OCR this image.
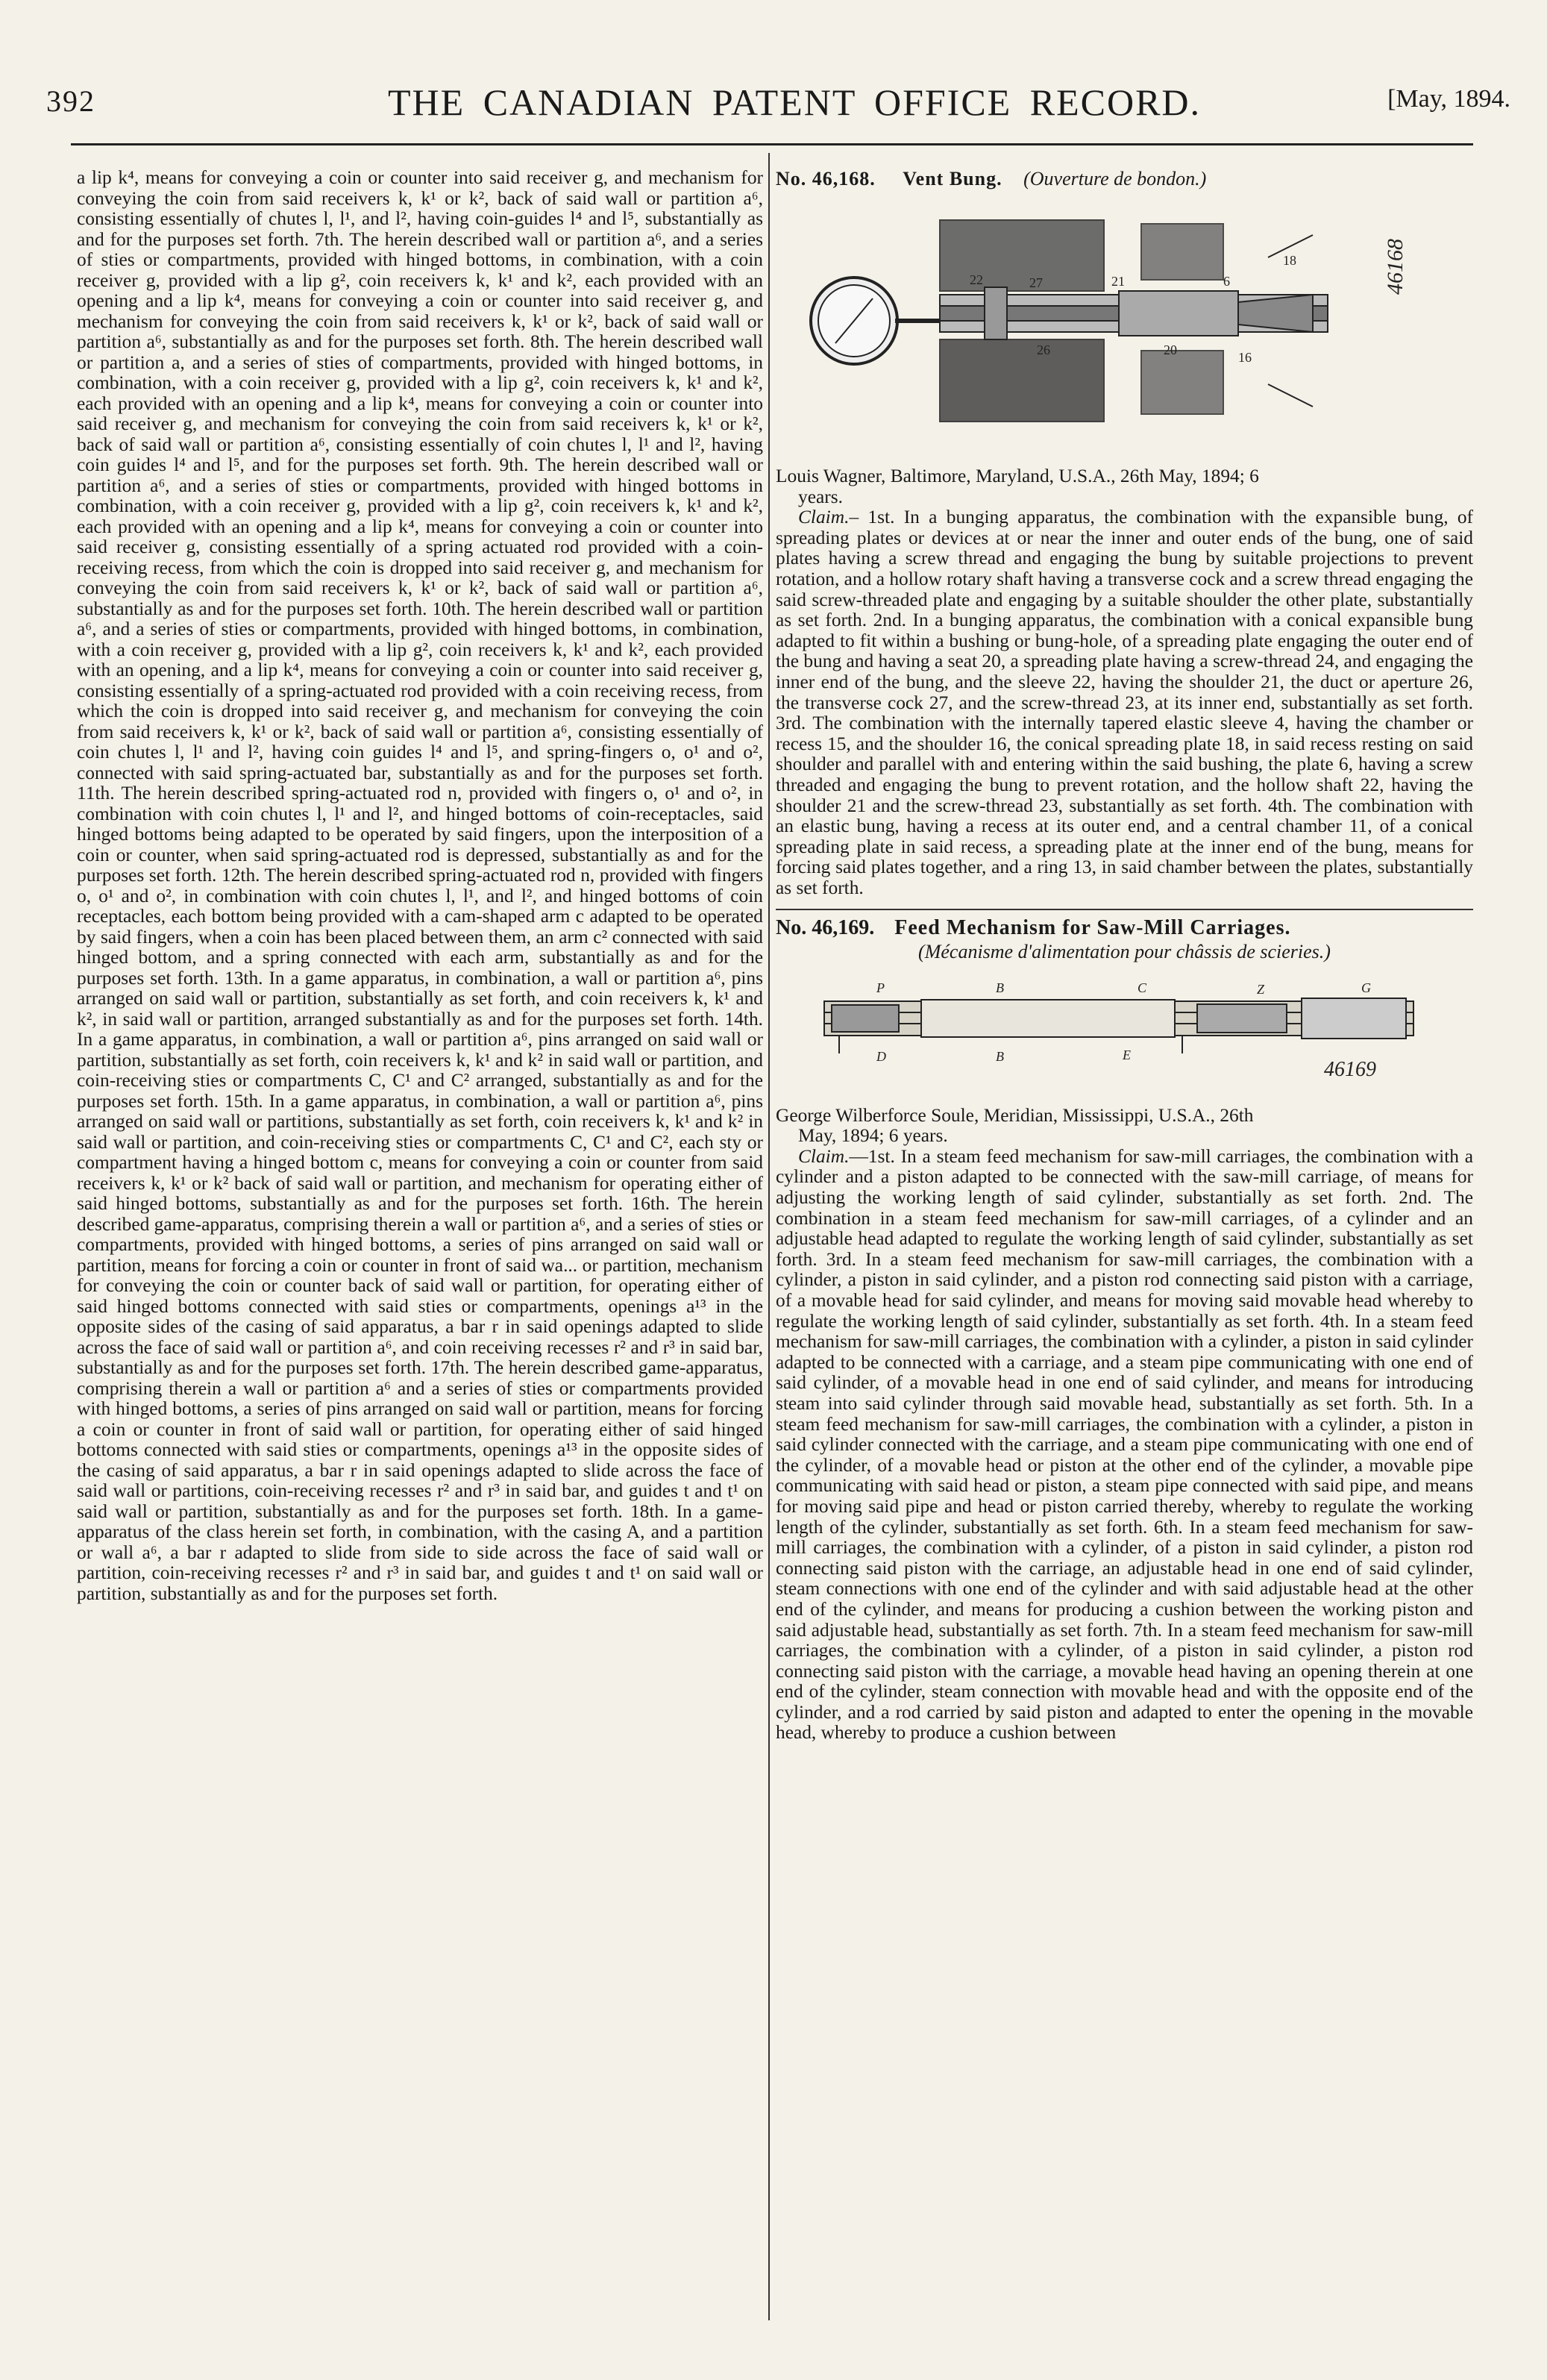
392	THE CANADIAN PATENT OFFICE RECORD.	[May, 1894.
a lip k⁴, means for conveying a coin or counter into said receiver g, and mechanism for conveying the coin from said receivers k, k¹ or k², back of said wall or partition a⁶, consisting essentially of chutes l, l¹, and l², having coin-guides l⁴ and l⁵, substantially as and for the purposes set forth. 7th. The herein described wall or partition a⁶, and a series of sties or compartments, provided with hinged bottoms, in combination, with a coin receiver g, provided with a lip g², coin receivers k, k¹ and k², each provided with an opening and a lip k⁴, means for conveying a coin or counter into said receiver g, and mechanism for conveying the coin from said receivers k, k¹ or k², back of said wall or partition a⁶, substantially as and for the purposes set forth. 8th. The herein described wall or partition a, and a series of sties of compartments, provided with hinged bottoms, in combination, with a coin receiver g, provided with a lip g², coin receivers k, k¹ and k², each provided with an opening and a lip k⁴, means for conveying a coin or counter into said receiver g, and mechanism for conveying the coin from said receivers k, k¹ or k², back of said wall or partition a⁶, consisting essentially of coin chutes l, l¹ and l², having coin guides l⁴ and l⁵, and for the purposes set forth. 9th. The herein described wall or partition a⁶, and a series of sties or compartments, provided with hinged bottoms in combination, with a coin receiver g, provided with a lip g², coin receivers k, k¹ and k², each provided with an opening and a lip k⁴, means for conveying a coin or counter into said receiver g, consisting essentially of a spring actuated rod provided with a coin-receiving recess, from which the coin is dropped into said receiver g, and mechanism for conveying the coin from said receivers k, k¹ or k², back of said wall or partition a⁶, substantially as and for the purposes set forth. 10th. The herein described wall or partition a⁶, and a series of sties or compartments, provided with hinged bottoms, in combination, with a coin receiver g, provided with a lip g², coin receivers k, k¹ and k², each provided with an opening, and a lip k⁴, means for conveying a coin or counter into said receiver g, consisting essentially of a spring-actuated rod provided with a coin receiving recess, from which the coin is dropped into said receiver g, and mechanism for conveying the coin from said receivers k, k¹ or k², back of said wall or partition a⁶, consisting essentially of coin chutes l, l¹ and l², having coin guides l⁴ and l⁵, and spring-fingers o, o¹ and o², connected with said spring-actuated bar, substantially as and for the purposes set forth. 11th. The herein described spring-actuated rod n, provided with fingers o, o¹ and o², in combination with coin chutes l, l¹ and l², and hinged bottoms of coin-receptacles, said hinged bottoms being adapted to be operated by said fingers, upon the interposition of a coin or counter, when said spring-actuated rod is depressed, substantially as and for the purposes set forth. 12th. The herein described spring-actuated rod n, provided with fingers o, o¹ and o², in combination with coin chutes l, l¹, and l², and hinged bottoms of coin receptacles, each bottom being provided with a cam-shaped arm c adapted to be operated by said fingers, when a coin has been placed between them, an arm c² connected with said hinged bottom, and a spring connected with each arm, substantially as and for the purposes set forth. 13th. In a game apparatus, in combination, a wall or partition a⁶, pins arranged on said wall or partition, substantially as set forth, and coin receivers k, k¹ and k², in said wall or partition, arranged substantially as and for the purposes set forth. 14th. In a game apparatus, in combination, a wall or partition a⁶, pins arranged on said wall or partition, substantially as set forth, coin receivers k, k¹ and k² in said wall or partition, and coin-receiving sties or compartments C, C¹ and C² arranged, substantially as and for the purposes set forth. 15th. In a game apparatus, in combination, a wall or partition a⁶, pins arranged on said wall or partitions, substantially as set forth, coin receivers k, k¹ and k² in said wall or partition, and coin-receiving sties or compartments C, C¹ and C², each sty or compartment having a hinged bottom c, means for conveying a coin or counter from said receivers k, k¹ or k² back of said wall or partition, and mechanism for operating either of said hinged bottoms, substantially as and for the purposes set forth. 16th. The herein described game-apparatus, comprising therein a wall or partition a⁶, and a series of sties or compartments, provided with hinged bottoms, a series of pins arranged on said wall or partition, means for forcing a coin or counter in front of said wa... or partition, mechanism for conveying the coin or counter back of said wall or partition, for operating either of said hinged bottoms connected with said sties or compartments, openings a¹³ in the opposite sides of the casing of said apparatus, a bar r in said openings adapted to slide across the face of said wall or partition a⁶, and coin receiving recesses r² and r³ in said bar, substantially as and for the purposes set forth. 17th. The herein described game-apparatus, comprising therein a wall or partition a⁶ and a series of sties or compartments provided with hinged bottoms, a series of pins arranged on said wall or partition, means for forcing a coin or counter in front of said wall or partition, for operating either of said hinged bottoms connected with said sties or compartments, openings a¹³ in the opposite sides of the casing of said apparatus, a bar r in said openings adapted to slide across the face of said wall or partitions, coin-receiving recesses r² and r³ in said bar, and guides t and t¹ on said wall or partition, substantially as and for the purposes set forth. 18th. In a game-apparatus of the class herein set forth, in combination, with the casing A, and a partition or wall a⁶, a bar r adapted to slide from side to side across the face of said wall or partition, coin-receiving recesses r² and r³ in said bar, and guides t and t¹ on said wall or partition, substantially as and for the purposes set forth.
No. 46,168. Vent Bung. (Ouverture de bondon.)
22	27	21	6
18
16
26	20
46168
Louis Wagner, Baltimore, Maryland, U.S.A., 26th May, 1894; 6
years.
Claim.– 1st. In a bunging apparatus, the combination with the expansible bung, of spreading plates or devices at or near the inner and outer ends of the bung, one of said plates having a screw thread and engaging the bung by suitable projections to prevent rotation, and a hollow rotary shaft having a transverse cock and a screw thread engaging the said screw-threaded plate and engaging by a suitable shoulder the other plate, substantially as set forth. 2nd. In a bunging apparatus, the combination with a conical expansible bung adapted to fit within a bushing or bung-hole, of a spreading plate engaging the outer end of the bung and having a seat 20, a spreading plate having a screw-thread 24, and engaging the inner end of the bung, and the sleeve 22, having the shoulder 21, the duct or aperture 26, the transverse cock 27, and the screw-thread 23, at its inner end, substantially as set forth. 3rd. The combination with the internally tapered elastic sleeve 4, having the chamber or recess 15, and the shoulder 16, the conical spreading plate 18, in said recess resting on said shoulder and parallel with and entering within the said bushing, the plate 6, having a screw threaded and engaging the bung to prevent rotation, and the hollow shaft 22, having the shoulder 21 and the screw-thread 23, substantially as set forth. 4th. The combination with an elastic bung, having a recess at its outer end, and a central chamber 11, of a conical spreading plate in said recess, a spreading plate at the inner end of the bung, means for forcing said plates together, and a ring 13, in said chamber between the plates, substantially as set forth.
No. 46,169. Feed Mechanism for Saw-Mill Carriages.
(Mécanisme d'alimentation pour châssis de scieries.)
P	B	C	Z	G
D	B	E
46169
George Wilberforce Soule, Meridian, Mississippi, U.S.A., 26th
May, 1894; 6 years.
Claim.—1st. In a steam feed mechanism for saw-mill carriages, the combination with a cylinder and a piston adapted to be connected with the saw-mill carriage, of means for adjusting the working length of said cylinder, substantially as set forth. 2nd. The combination in a steam feed mechanism for saw-mill carriages, of a cylinder and an adjustable head adapted to regulate the working length of said cylinder, substantially as set forth. 3rd. In a steam feed mechanism for saw-mill carriages, the combination with a cylinder, a piston in said cylinder, and a piston rod connecting said piston with a carriage, of a movable head for said cylinder, and means for moving said movable head whereby to regulate the working length of said cylinder, substantially as set forth. 4th. In a steam feed mechanism for saw-mill carriages, the combination with a cylinder, a piston in said cylinder adapted to be connected with a carriage, and a steam pipe communicating with one end of said cylinder, of a movable head in one end of said cylinder, and means for introducing steam into said cylinder through said movable head, substantially as set forth. 5th. In a steam feed mechanism for saw-mill carriages, the combination with a cylinder, a piston in said cylinder connected with the carriage, and a steam pipe communicating with one end of the cylinder, of a movable head or piston at the other end of the cylinder, a movable pipe communicating with said head or piston, a steam pipe connected with said pipe, and means for moving said pipe and head or piston carried thereby, whereby to regulate the working length of the cylinder, substantially as set forth. 6th. In a steam feed mechanism for saw-mill carriages, the combination with a cylinder, of a piston in said cylinder, a piston rod connecting said piston with the carriage, an adjustable head in one end of said cylinder, steam connections with one end of the cylinder and with said adjustable head at the other end of the cylinder, and means for producing a cushion between the working piston and said adjustable head, substantially as set forth. 7th. In a steam feed mechanism for saw-mill carriages, the combination with a cylinder, of a piston in said cylinder, a piston rod connecting said piston with the carriage, a movable head having an opening therein at one end of the cylinder, steam connection with movable head and with the opposite end of the cylinder, and a rod carried by said piston and adapted to enter the opening in the movable head, whereby to produce a cushion between
